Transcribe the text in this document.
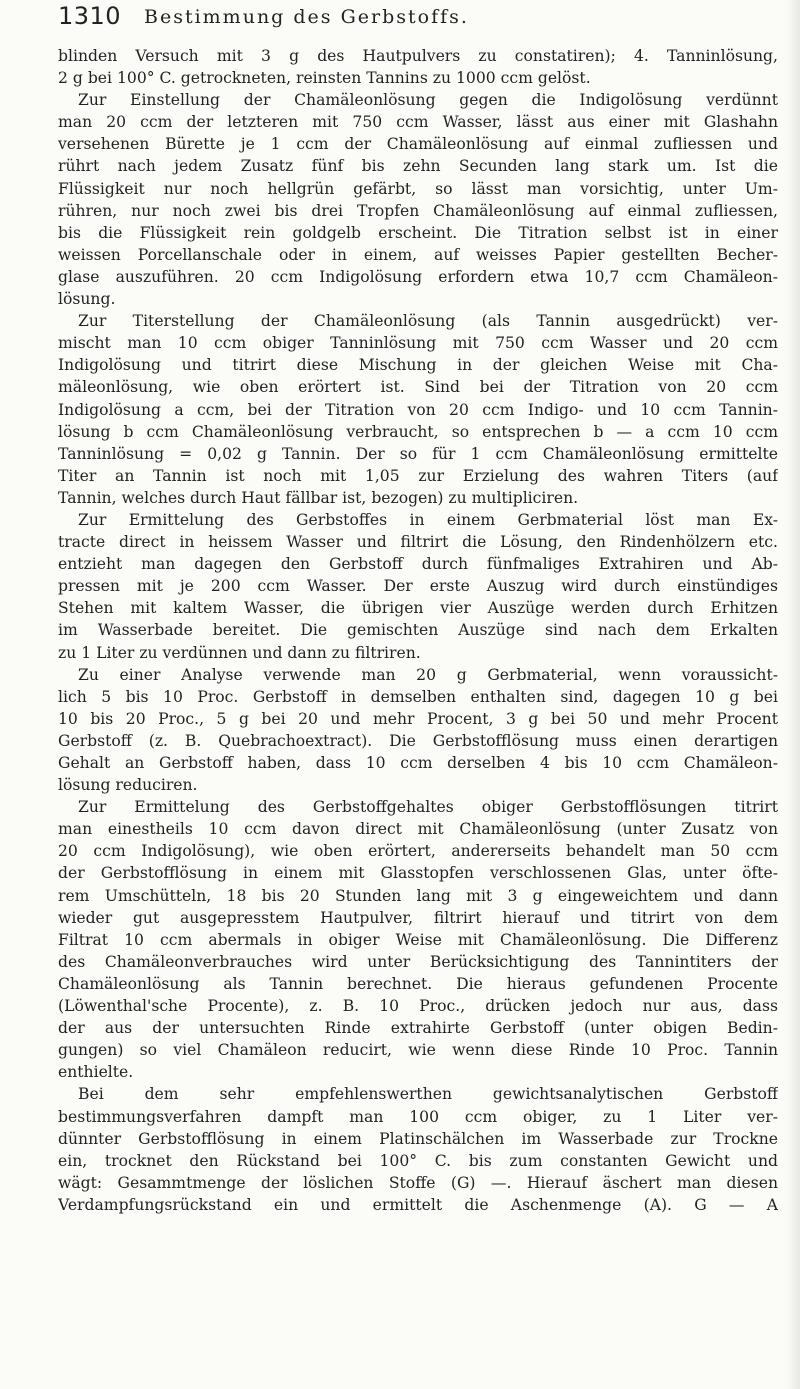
1310 Bestimmung des Gerbstoffs.
blinden Versuch mit 3 g des Hautpulvers zu constatiren); 4. Tanninlösung,
2 g bei 100° C. getrockneten, reinsten Tannins zu 1000 ccm gelöst.
Zur Einstellung der Chamäleonlösung gegen die Indigolösung verdünnt
man 20 ccm der letzteren mit 750 ccm Wasser, lässt aus einer mit Glashahn
versehenen Bürette je 1 ccm der Chamäleonlösung auf einmal zufliessen und
rührt nach jedem Zusatz fünf bis zehn Secunden lang stark um. Ist die
Flüssigkeit nur noch hellgrün gefärbt, so lässt man vorsichtig, unter Um-
rühren, nur noch zwei bis drei Tropfen Chamäleonlösung auf einmal zufliessen,
bis die Flüssigkeit rein goldgelb erscheint. Die Titration selbst ist in einer
weissen Porcellanschale oder in einem, auf weisses Papier gestellten Becher-
glase auszuführen. 20 ccm Indigolösung erfordern etwa 10,7 ccm Chamäleon-
lösung.
Zur Titerstellung der Chamäleonlösung (als Tannin ausgedrückt) ver-
mischt man 10 ccm obiger Tanninlösung mit 750 ccm Wasser und 20 ccm
Indigolösung und titrirt diese Mischung in der gleichen Weise mit Cha-
mäleonlösung, wie oben erörtert ist. Sind bei der Titration von 20 ccm
Indigolösung a ccm, bei der Titration von 20 ccm Indigo- und 10 ccm Tannin-
lösung b ccm Chamäleonlösung verbraucht, so entsprechen b — a ccm 10 ccm
Tanninlösung = 0,02 g Tannin. Der so für 1 ccm Chamäleonlösung ermittelte
Titer an Tannin ist noch mit 1,05 zur Erzielung des wahren Titers (auf
Tannin, welches durch Haut fällbar ist, bezogen) zu multipliciren.
Zur Ermittelung des Gerbstoffes in einem Gerbmaterial löst man Ex-
tracte direct in heissem Wasser und filtrirt die Lösung, den Rindenhölzern etc.
entzieht man dagegen den Gerbstoff durch fünfmaliges Extrahiren und Ab-
pressen mit je 200 ccm Wasser. Der erste Auszug wird durch einstündiges
Stehen mit kaltem Wasser, die übrigen vier Auszüge werden durch Erhitzen
im Wasserbade bereitet. Die gemischten Auszüge sind nach dem Erkalten
zu 1 Liter zu verdünnen und dann zu filtriren.
Zu einer Analyse verwende man 20 g Gerbmaterial, wenn voraussicht-
lich 5 bis 10 Proc. Gerbstoff in demselben enthalten sind, dagegen 10 g bei
10 bis 20 Proc., 5 g bei 20 und mehr Procent, 3 g bei 50 und mehr Procent
Gerbstoff (z. B. Quebrachoextract). Die Gerbstofflösung muss einen derartigen
Gehalt an Gerbstoff haben, dass 10 ccm derselben 4 bis 10 ccm Chamäleon-
lösung reduciren.
Zur Ermittelung des Gerbstoffgehaltes obiger Gerbstofflösungen titrirt
man einestheils 10 ccm davon direct mit Chamäleonlösung (unter Zusatz von
20 ccm Indigolösung), wie oben erörtert, andererseits behandelt man 50 ccm
der Gerbstofflösung in einem mit Glasstopfen verschlossenen Glas, unter öfte-
rem Umschütteln, 18 bis 20 Stunden lang mit 3 g eingeweichtem und dann
wieder gut ausgepresstem Hautpulver, filtrirt hierauf und titrirt von dem
Filtrat 10 ccm abermals in obiger Weise mit Chamäleonlösung. Die Differenz
des Chamäleonverbrauches wird unter Berücksichtigung des Tannintiters der
Chamäleonlösung als Tannin berechnet. Die hieraus gefundenen Procente
(Löwenthal'sche Procente), z. B. 10 Proc., drücken jedoch nur aus, dass
der aus der untersuchten Rinde extrahirte Gerbstoff (unter obigen Bedin-
gungen) so viel Chamäleon reducirt, wie wenn diese Rinde 10 Proc. Tannin
enthielte.
Bei dem sehr empfehlenswerthen gewichtsanalytischen Gerbstoff
bestimmungsverfahren dampft man 100 ccm obiger, zu 1 Liter ver-
dünnter Gerbstofflösung in einem Platinschälchen im Wasserbade zur Trockne
ein, trocknet den Rückstand bei 100° C. bis zum constanten Gewicht und
wägt: Gesammtmenge der löslichen Stoffe (G) —. Hierauf äschert man diesen
Verdampfungsrückstand ein und ermittelt die Aschenmenge (A). G — A
